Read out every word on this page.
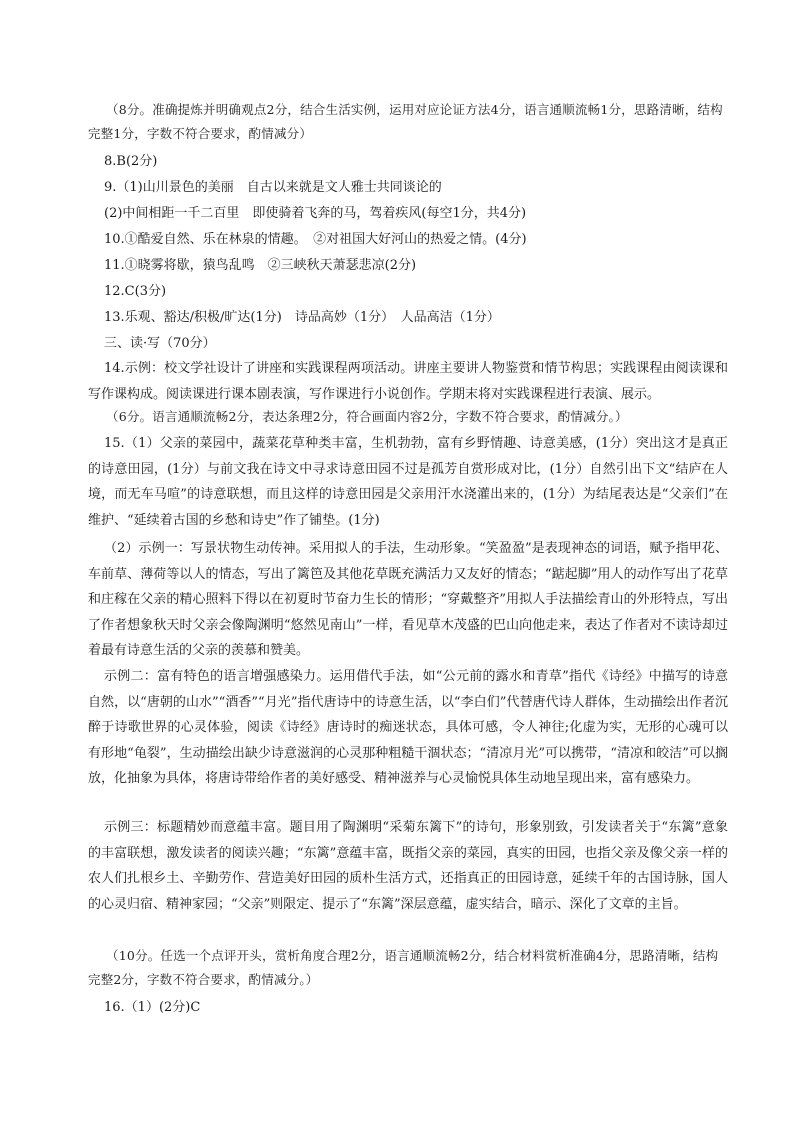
（8分。准确提炼并明确观点2分，结合生活实例，运用对应论证方法4分，语言通顺流畅1分，思路清晰，结构完整1分，字数不符合要求，酌情减分）

8.B(2分)

9.（1)山川景色的美丽　自古以来就是文人雅士共同谈论的

(2)中间相距一千二百里　即使骑着飞奔的马，驾着疾风(每空1分，共4分)

10.①酷爱自然、乐在林泉的情趣。　②对祖国大好河山的热爱之情。(4分)

11.①晓雾将歇，猿鸟乱鸣　②三峡秋天萧瑟悲凉(2分)

12.C(3分)

13.乐观、豁达/积极/旷达(1分)　诗品高妙（1分）　人品高洁（1分）

三、读·写（70分）

14.示例：校文学社设计了讲座和实践课程两项活动。讲座主要讲人物鉴赏和情节构思；实践课程由阅读课和写作课构成。阅读课进行课本剧表演，写作课进行小说创作。学期末将对实践课程进行表演、展示。

（6分。语言通顺流畅2分，表达条理2分，符合画面内容2分，字数不符合要求，酌情减分。）

15.（1）父亲的菜园中，蔬菜花草种类丰富，生机勃勃，富有乡野情趣、诗意美感，(1分）突出这才是真正的诗意田园，(1分）与前文我在诗文中寻求诗意田园不过是孤芳自赏形成对比，(1分）自然引出下文“结庐在人境，而无车马喧”的诗意联想，而且这样的诗意田园是父亲用汗水浇灌出来的，(1分）为结尾表达是“父亲们”在维护、“延续着古国的乡愁和诗史”作了铺垫。(1分)

（2）示例一：写景状物生动传神。采用拟人的手法，生动形象。“笑盈盈”是表现神态的词语，赋予指甲花、车前草、薄荷等以人的情态，写出了篱笆及其他花草既充满活力又友好的情态；“踮起脚”用人的动作写出了花草和庄稼在父亲的精心照料下得以在初夏时节奋力生长的情形；“穿戴整齐”用拟人手法描绘青山的外形特点，写出了作者想象秋天时父亲会像陶渊明“悠然见南山”一样，看见草木茂盛的巴山向他走来，表达了作者对不读诗却过着最有诗意生活的父亲的羡慕和赞美。

示例二：富有特色的语言增强感染力。运用借代手法，如“公元前的露水和青草”指代《诗经》中描写的诗意自然，以“唐朝的山水”“酒香”“月光”指代唐诗中的诗意生活，以“李白们”代替唐代诗人群体，生动描绘出作者沉醉于诗歌世界的心灵体验，阅读《诗经》唐诗时的痴迷状态，具体可感，令人神往;化虚为实，无形的心魂可以有形地“龟裂”，生动描绘出缺少诗意滋润的心灵那种粗糙干涸状态；“清凉月光”可以携带，“清凉和皎洁”可以搁放，化抽象为具体，将唐诗带给作者的美好感受、精神滋养与心灵愉悦具体生动地呈现出来，富有感染力。

示例三：标题精妙而意蕴丰富。题目用了陶渊明“采菊东篱下”的诗句，形象别致，引发读者关于“东篱”意象的丰富联想，激发读者的阅读兴趣；“东篱”意蕴丰富，既指父亲的菜园，真实的田园，也指父亲及像父亲一样的农人们扎根乡土、辛勤劳作、营造美好田园的质朴生活方式，还指真正的田园诗意，延续千年的古国诗脉，国人的心灵归宿、精神家园；“父亲”则限定、提示了“东篱”深层意蕴，虚实结合，暗示、深化了文章的主旨。

（10分。任选一个点评开头，赏析角度合理2分，语言通顺流畅2分，结合材料赏析准确4分，思路清晰，结构完整2分，字数不符合要求，酌情减分。）

16.（1）(2分)C
